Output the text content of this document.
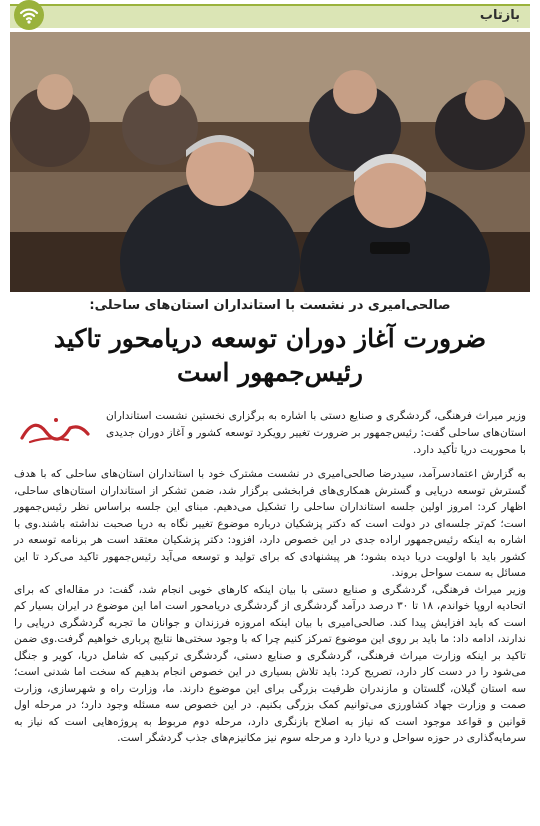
بازتاب
صالحی‌امیری در نشست با استانداران استان‌های ساحلی:
ضرورت آغاز دوران توسعه دریامحور تاکید
رئیس‌جمهور است
وزیر میراث فرهنگی، گردشگری و صنایع دستی با اشاره به برگزاری نخستین نشست استانداران استان‌های ساحلی گفت: رئیس‌جمهور بر ضرورت تغییر رویکرد توسعه کشور و آغاز دوران جدیدی با محوریت دریا تأکید دارد.

به گزارش اعتمادسرآمد، سیدرضا صالحی‌امیری در نشست مشترک خود با استانداران استان‌های ساحلی که با هدف گسترش توسعه دریایی و گسترش همکاری‌های فرابخشی برگزار شد، ضمن تشکر از استانداران استان‌های ساحلی، اظهار کرد: امروز اولین جلسه استانداران ساحلی را تشکیل می‌دهیم. مبنای این جلسه براساس نظر رئیس‌جمهور است؛ کم‌تر جلسه‌ای در دولت است که دکتر پزشکیان درباره موضوع تغییر نگاه به دریا صحبت نداشته باشند.وی با اشاره به اینکه رئیس‌جمهور اراده جدی در این خصوص دارد، افزود: دکتر پزشکیان معتقد است هر برنامه توسعه در کشور باید با اولویت دریا دیده بشود؛ هر پیشنهادی که برای تولید و توسعه می‌آید رئیس‌جمهور تاکید می‌کرد تا این مسائل به سمت سواحل بروند.

وزیر میراث فرهنگی، گردشگری و صنایع دستی با بیان اینکه کارهای خوبی انجام شد، گفت: در مقاله‌ای که برای اتحادیه اروپا خواندم، ۱۸ تا ۳۰ درصد درآمد گردشگری از گردشگری دریامحور است اما این موضوع در ایران بسیار کم است که باید افزایش پیدا کند. صالحی‌امیری با بیان اینکه امروزه فرزندان و جوانان ما تجربه گردشگری دریایی را ندارند، ادامه داد: ما باید بر روی این موضوع تمرکز کنیم چرا که با وجود سختی‌ها نتایج پرباری خواهیم گرفت.وی ضمن تاکید بر اینکه وزارت میراث فرهنگی، گردشگری و صنایع دستی، گردشگری ترکیبی که شامل دریا، کویر و جنگل می‌شود را در دست کار دارد، تصریح کرد: باید تلاش بسیاری در این خصوص انجام بدهیم که سخت اما شدنی است؛ سه استان گیلان، گلستان و مازندران ظرفیت بزرگی برای این موضوع دارند. ما، وزارت راه و شهرسازی، وزارت صمت و وزارت جهاد کشاورزی می‌توانیم کمک بزرگی بکنیم. در این خصوص سه مسئله وجود دارد؛ در مرحله اول قوانین و قواعد موجود است که نیاز به اصلاح بازنگری دارد، مرحله دوم مربوط به پروژه‌هایی است که نیاز به سرمایه‌گذاری در حوزه سواحل و دریا دارد و مرحله سوم نیز مکانیزم‌های جذب گردشگر است.
